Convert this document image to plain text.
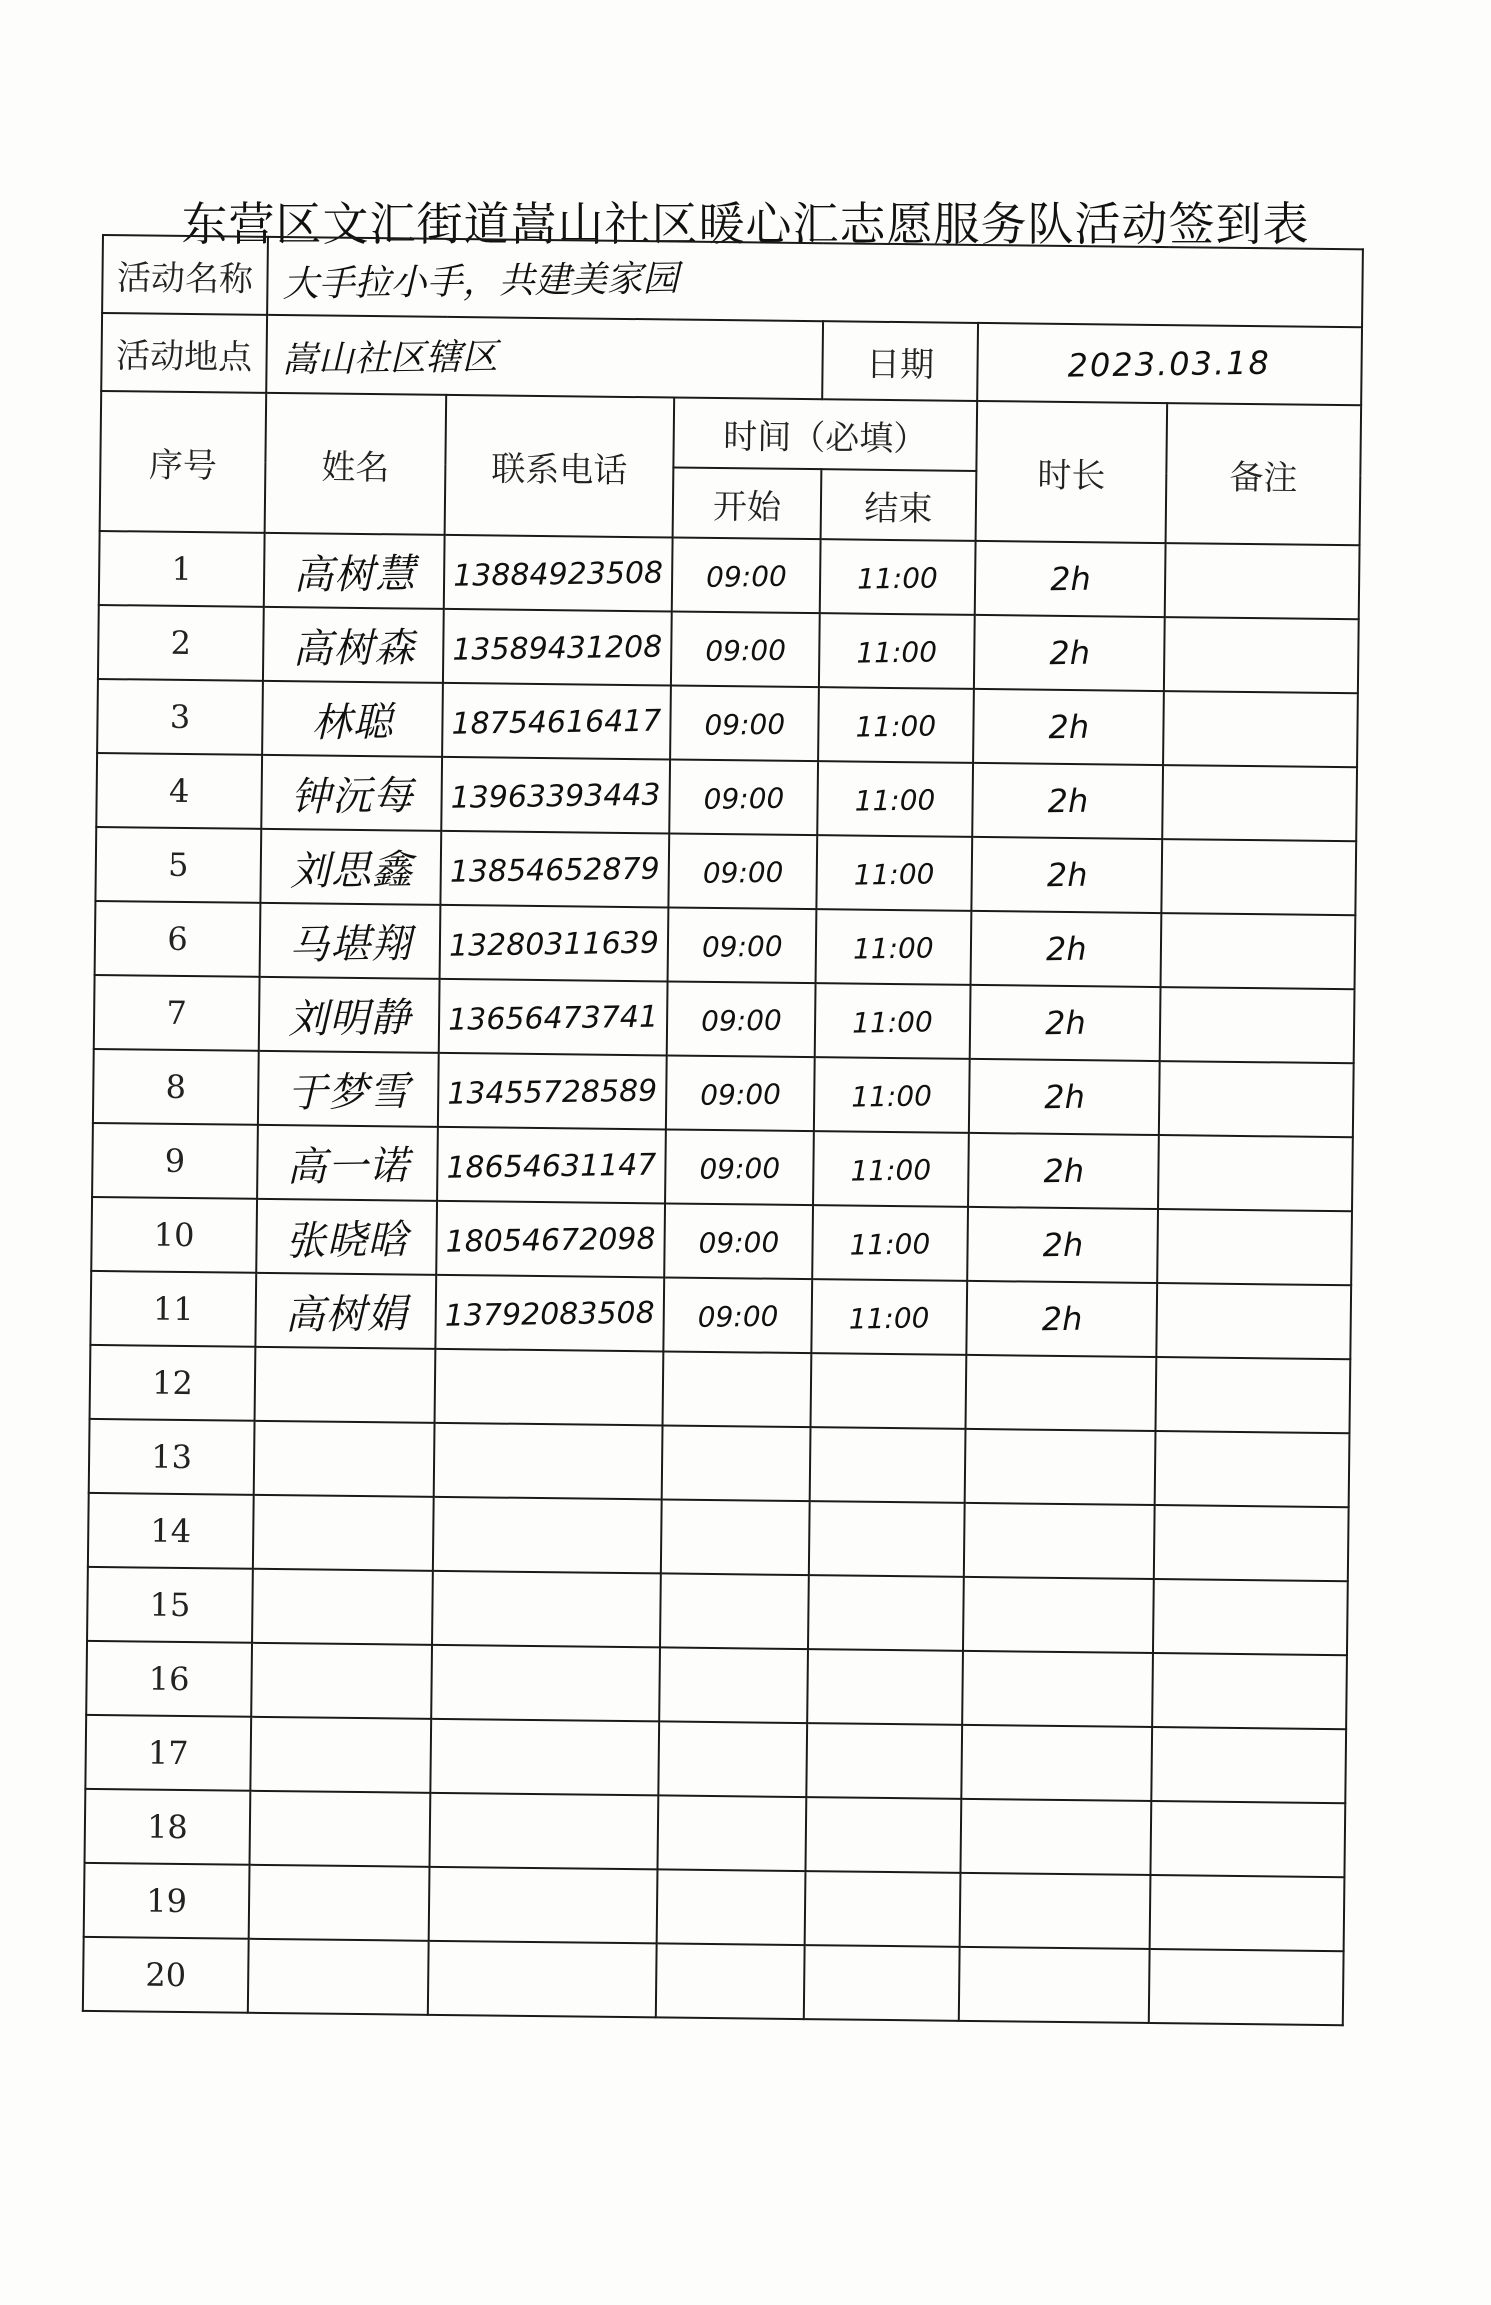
东营区文汇街道嵩山社区暖心汇志愿服务队活动签到表
活动名称	大手拉小手，共建美家园					
活动地点	嵩山社区辖区			日期	2023.03.18	
序号	姓名	联系电话	时间（必填）		时长	备注
			开始	结束		
1	高树慧	13884923508	09:00	11:00	2h	
2	高树森	13589431208	09:00	11:00	2h	
3	林聪	18754616417	09:00	11:00	2h	
4	钟沅每	13963393443	09:00	11:00	2h	
5	刘思鑫	13854652879	09:00	11:00	2h	
6	马堪翔	13280311639	09:00	11:00	2h	
7	刘明静	13656473741	09:00	11:00	2h	
8	于梦雪	13455728589	09:00	11:00	2h	
9	高一诺	18654631147	09:00	11:00	2h	
10	张晓晗	18054672098	09:00	11:00	2h	
11	高树娟	13792083508	09:00	11:00	2h	
12						
13						
14						
15						
16						
17						
18						
19						
20						
